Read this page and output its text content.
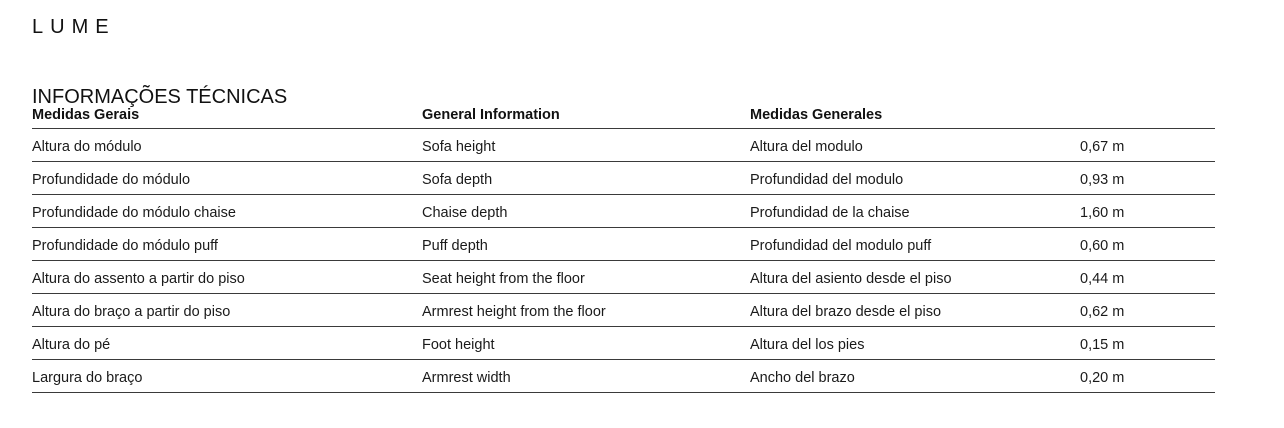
LUME
INFORMAÇÕES TÉCNICAS
Medidas Gerais	General Information	Medidas Generales	
Altura do módulo	Sofa height	Altura del modulo	0,67 m
Profundidade do módulo	Sofa depth	Profundidad del modulo	0,93 m
Profundidade do módulo chaise	Chaise depth	Profundidad de la chaise	1,60 m
Profundidade do módulo puff	Puff depth	Profundidad del modulo puff	0,60 m
Altura do assento a partir do piso	Seat height from the floor	Altura del asiento desde el piso	0,44 m
Altura do braço a partir do piso	Armrest height from the floor	Altura del brazo desde el piso	0,62 m
Altura do pé	Foot height	Altura del los pies	0,15 m
Largura do braço	Armrest width	Ancho del brazo	0,20 m
